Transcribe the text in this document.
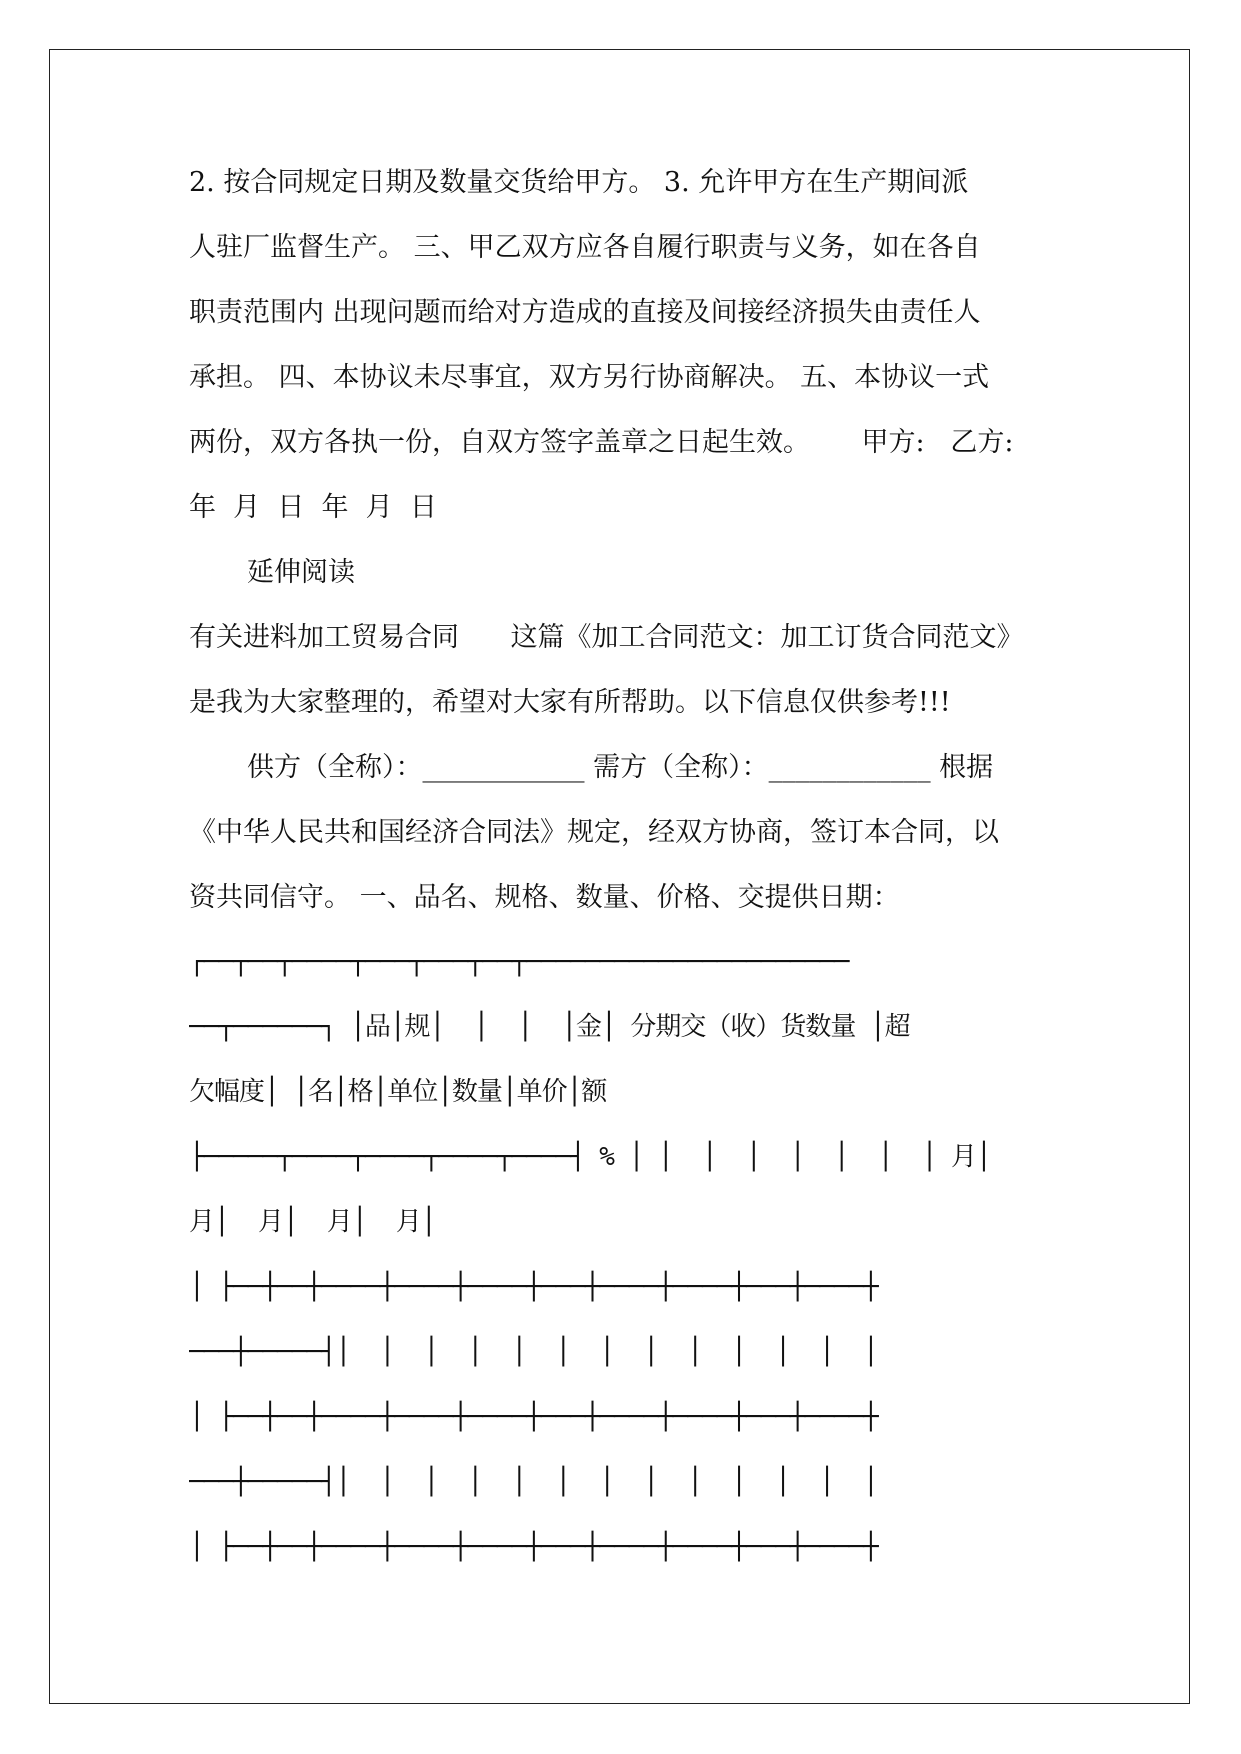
2. 按合同规定日期及数量交货给甲方。 3. 允许甲方在生产期间派
人驻厂监督生产。 三、甲乙双方应各自履行职责与义务，如在各自
职责范围内 出现问题而给对方造成的直接及间接经济损失由责任人
承担。 四、本协议未尽事宜，双方另行协商解决。 五、本协议一式
两份，双方各执一份，自双方签字盖章之日起生效。      甲方:   乙方:
年  月  日  年  月  日
延伸阅读
有关进料加工贸易合同      这篇《加工合同范文：加工订货合同范文》
是我为大家整理的，希望对大家有所帮助。以下信息仅供参考!!!
供方（全称）：____________ 需方（全称）：____________ 根据
《中华人民共和国经济合同法》规定，经双方协商，签订本合同，以
资共同信守。 一、品名、规格、数量、价格、交提供日期：
┌──┬──┬────┬───┬───┬──┬──────────────────────
──┬──────┐ │品│规│  │  │  │金│ 分期交（收）货数量 │超
欠幅度│ │名│格│单位│数量│单价│额
├─────┬────┬────┬────┬────┤ % │ │  │  │  │  │  │  │ 月│
月│  月│  月│  月│
│ ├──┼──┼────┼────┼────┼───┼────┼────┼───┼────┼
───┼─────┤│  │  │  │  │  │  │  │  │  │  │  │  │
│ ├──┼──┼────┼────┼────┼───┼────┼────┼───┼────┼
───┼─────┤│  │  │  │  │  │  │  │  │  │  │  │  │
│ ├──┼──┼────┼────┼────┼───┼────┼────┼───┼────┼
